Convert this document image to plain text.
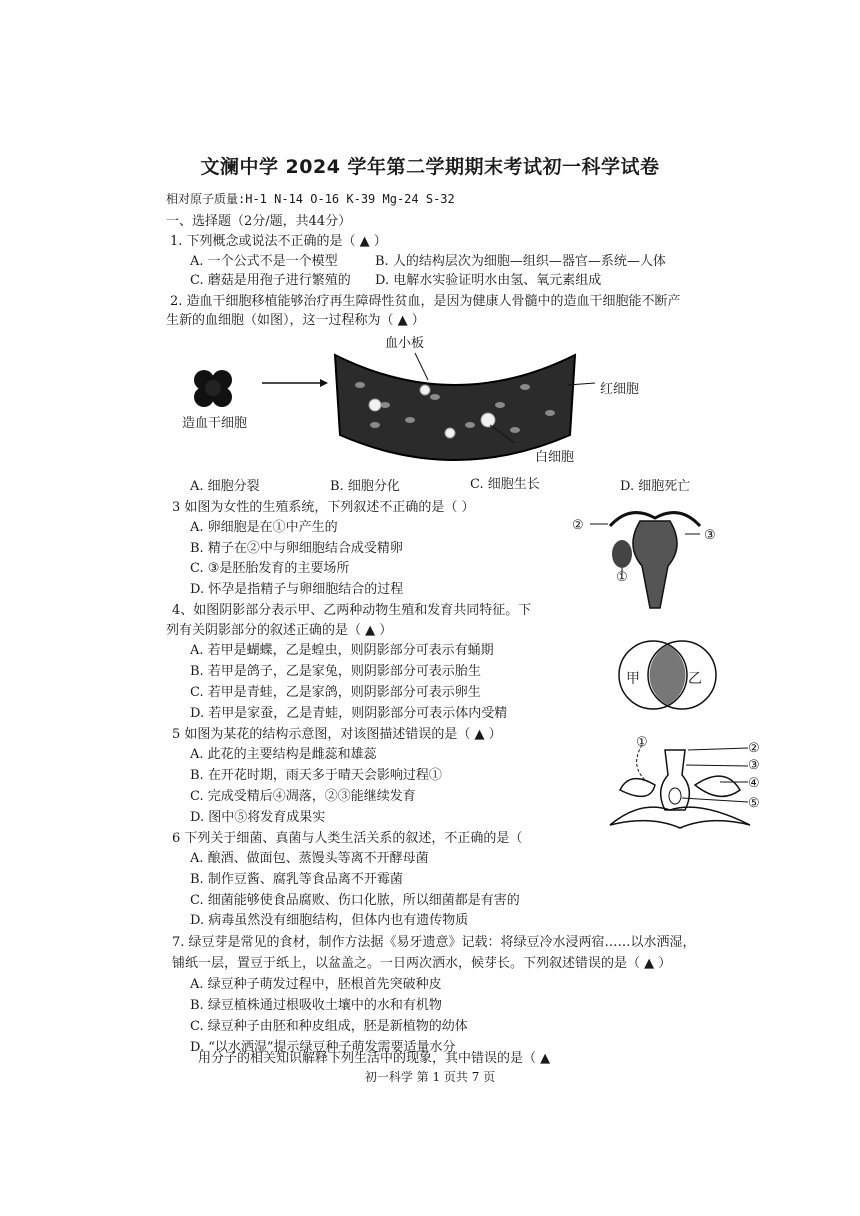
文澜中学 2024 学年第二学期期末考试初一科学试卷
相对原子质量:H-1 N-14 O-16 K-39 Mg-24 S-32
一、选择题（2分/题，共44分）
1. 下列概念或说法不正确的是（ ▲ ）
A. 一个公式不是一个模型	B. 人的结构层次为细胞—组织—器官—系统—人体
C. 蘑菇是用孢子进行繁殖的 D. 电解水实验证明水由氢、氧元素组成
2. 造血干细胞移植能够治疗再生障碍性贫血，是因为健康人骨髓中的造血干细胞能不断产
生新的血细胞（如图），这一过程称为（ ▲ ）
血小板
红细胞
造血干细胞
白细胞
A. 细胞分裂	B. 细胞分化	C. 细胞生长	D. 细胞死亡
3 如图为女性的生殖系统，下列叙述不正确的是（ ）
A. 卵细胞是在①中产生的
B. 精子在②中与卵细胞结合成受精卵
C. ③是胚胎发育的主要场所
D. 怀孕是指精子与卵细胞结合的过程
②
③
①
4、如图阴影部分表示甲、乙两种动物生殖和发育共同特征。下
列有关阴影部分的叙述正确的是（ ▲ ）
A. 若甲是蝴蝶，乙是蝗虫，则阴影部分可表示有蛹期
B. 若甲是鸽子，乙是家兔，则阴影部分可表示胎生
C. 若甲是青蛙，乙是家鸽，则阴影部分可表示卵生
D. 若甲是家蚕，乙是青蛙，则阴影部分可表示体内受精
甲	乙
5 如图为某花的结构示意图，对该图描述错误的是（ ▲ ）
A. 此花的主要结构是雌蕊和雄蕊
B. 在开花时期，雨天多于晴天会影响过程①
C. 完成受精后④凋落，②③能继续发育
D. 图中⑤将发育成果实
①	②
③
④
⑤
6 下列关于细菌、真菌与人类生活关系的叙述，不正确的是（
A. 酿酒、做面包、蒸馒头等离不开酵母菌
B. 制作豆酱、腐乳等食品离不开霉菌
C. 细菌能够使食品腐败、伤口化脓，所以细菌都是有害的
D. 病毒虽然没有细胞结构，但体内也有遗传物质
7. 绿豆芽是常见的食材，制作方法据《易牙遗意》记载：将绿豆冷水浸两宿……以水洒湿，
铺纸一层，置豆于纸上，以盆盖之。一日两次洒水，候芽长。下列叙述错误的是（ ▲ ）
A. 绿豆种子萌发过程中，胚根首先突破种皮
B. 绿豆植株通过根吸收土壤中的水和有机物
C. 绿豆种子由胚和种皮组成，胚是新植物的幼体
D. “以水洒湿”提示绿豆种子萌发需要适量水分
用分子的相关知识解释下列生活中的现象，其中错误的是（ ▲
初一科学 第 1 页共 7 页
